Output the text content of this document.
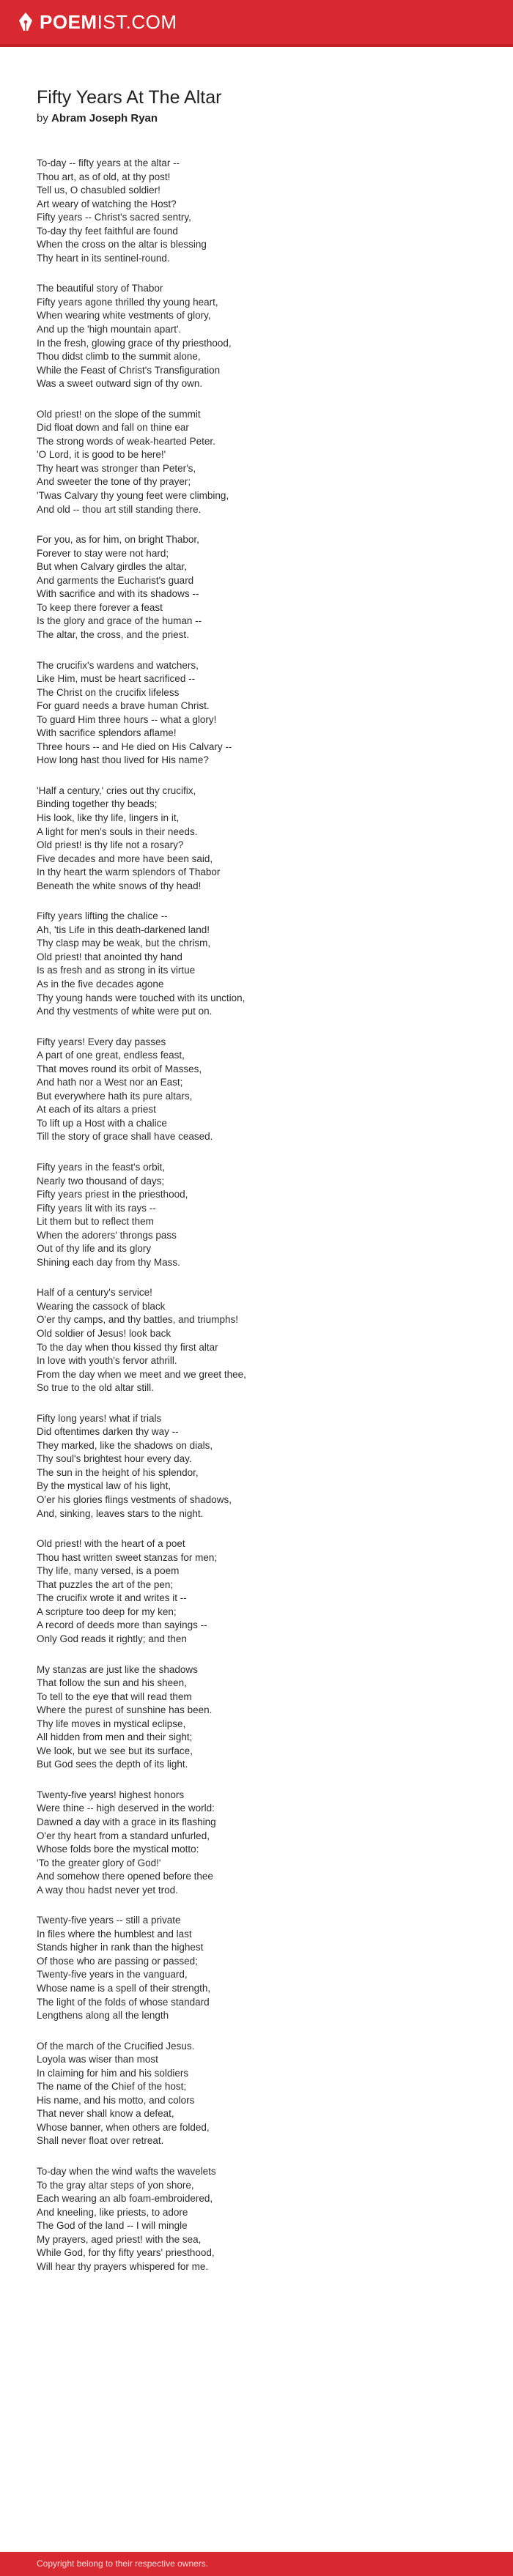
POEMIST.COM
Fifty Years At The Altar
by Abram Joseph Ryan

To-day -- fifty years at the altar --
Thou art, as of old, at thy post!
Tell us, O chasubled soldier!
Art weary of watching the Host?
Fifty years -- Christ's sacred sentry,
To-day thy feet faithful are found
When the cross on the altar is blessing
Thy heart in its sentinel-round.

The beautiful story of Thabor
Fifty years agone thrilled thy young heart,
When wearing white vestments of glory,
And up the 'high mountain apart'.
In the fresh, glowing grace of thy priesthood,
Thou didst climb to the summit alone,
While the Feast of Christ's Transfiguration
Was a sweet outward sign of thy own.

Old priest! on the slope of the summit
Did float down and fall on thine ear
The strong words of weak-hearted Peter.
'O Lord, it is good to be here!'
Thy heart was stronger than Peter's,
And sweeter the tone of thy prayer;
'Twas Calvary thy young feet were climbing,
And old -- thou art still standing there.

For you, as for him, on bright Thabor,
Forever to stay were not hard;
But when Calvary girdles the altar,
And garments the Eucharist's guard
With sacrifice and with its shadows --
To keep there forever a feast
Is the glory and grace of the human --
The altar, the cross, and the priest.

The crucifix's wardens and watchers,
Like Him, must be heart sacrificed --
The Christ on the crucifix lifeless
For guard needs a brave human Christ.
To guard Him three hours -- what a glory!
With sacrifice splendors aflame!
Three hours -- and He died on His Calvary --
How long hast thou lived for His name?

'Half a century,' cries out thy crucifix,
Binding together thy beads;
His look, like thy life, lingers in it,
A light for men's souls in their needs.
Old priest! is thy life not a rosary?
Five decades and more have been said,
In thy heart the warm splendors of Thabor
Beneath the white snows of thy head!

Fifty years lifting the chalice --
Ah, 'tis Life in this death-darkened land!
Thy clasp may be weak, but the chrism,
Old priest! that anointed thy hand
Is as fresh and as strong in its virtue
As in the five decades agone
Thy young hands were touched with its unction,
And thy vestments of white were put on.

Fifty years! Every day passes
A part of one great, endless feast,
That moves round its orbit of Masses,
And hath nor a West nor an East;
But everywhere hath its pure altars,
At each of its altars a priest
To lift up a Host with a chalice
Till the story of grace shall have ceased.

Fifty years in the feast's orbit,
Nearly two thousand of days;
Fifty years priest in the priesthood,
Fifty years lit with its rays --
Lit them but to reflect them
When the adorers' throngs pass
Out of thy life and its glory
Shining each day from thy Mass.

Half of a century's service!
Wearing the cassock of black
O'er thy camps, and thy battles, and triumphs!
Old soldier of Jesus! look back
To the day when thou kissed thy first altar
In love with youth's fervor athrill.
From the day when we meet and we greet thee,
So true to the old altar still.

Fifty long years! what if trials
Did oftentimes darken thy way --
They marked, like the shadows on dials,
Thy soul's brightest hour every day.
The sun in the height of his splendor,
By the mystical law of his light,
O'er his glories flings vestments of shadows,
And, sinking, leaves stars to the night.

Old priest! with the heart of a poet
Thou hast written sweet stanzas for men;
Thy life, many versed, is a poem
That puzzles the art of the pen;
The crucifix wrote it and writes it --
A scripture too deep for my ken;
A record of deeds more than sayings --
Only God reads it rightly; and then

My stanzas are just like the shadows
That follow the sun and his sheen,
To tell to the eye that will read them
Where the purest of sunshine has been.
Thy life moves in mystical eclipse,
All hidden from men and their sight;
We look, but we see but its surface,
But God sees the depth of its light.

Twenty-five years! highest honors
Were thine -- high deserved in the world:
Dawned a day with a grace in its flashing
O'er thy heart from a standard unfurled,
Whose folds bore the mystical motto:
'To the greater glory of God!'
And somehow there opened before thee
A way thou hadst never yet trod.

Twenty-five years -- still a private
In files where the humblest and last
Stands higher in rank than the highest
Of those who are passing or passed;
Twenty-five years in the vanguard,
Whose name is a spell of their strength,
The light of the folds of whose standard
Lengthens along all the length

Of the march of the Crucified Jesus.
Loyola was wiser than most
In claiming for him and his soldiers
The name of the Chief of the host;
His name, and his motto, and colors
That never shall know a defeat,
Whose banner, when others are folded,
Shall never float over retreat.

To-day when the wind wafts the wavelets
To the gray altar steps of yon shore,
Each wearing an alb foam-embroidered,
And kneeling, like priests, to adore
The God of the land -- I will mingle
My prayers, aged priest! with the sea,
While God, for thy fifty years' priesthood,
Will hear thy prayers whispered for me.

Copyright belong to their respective owners.
